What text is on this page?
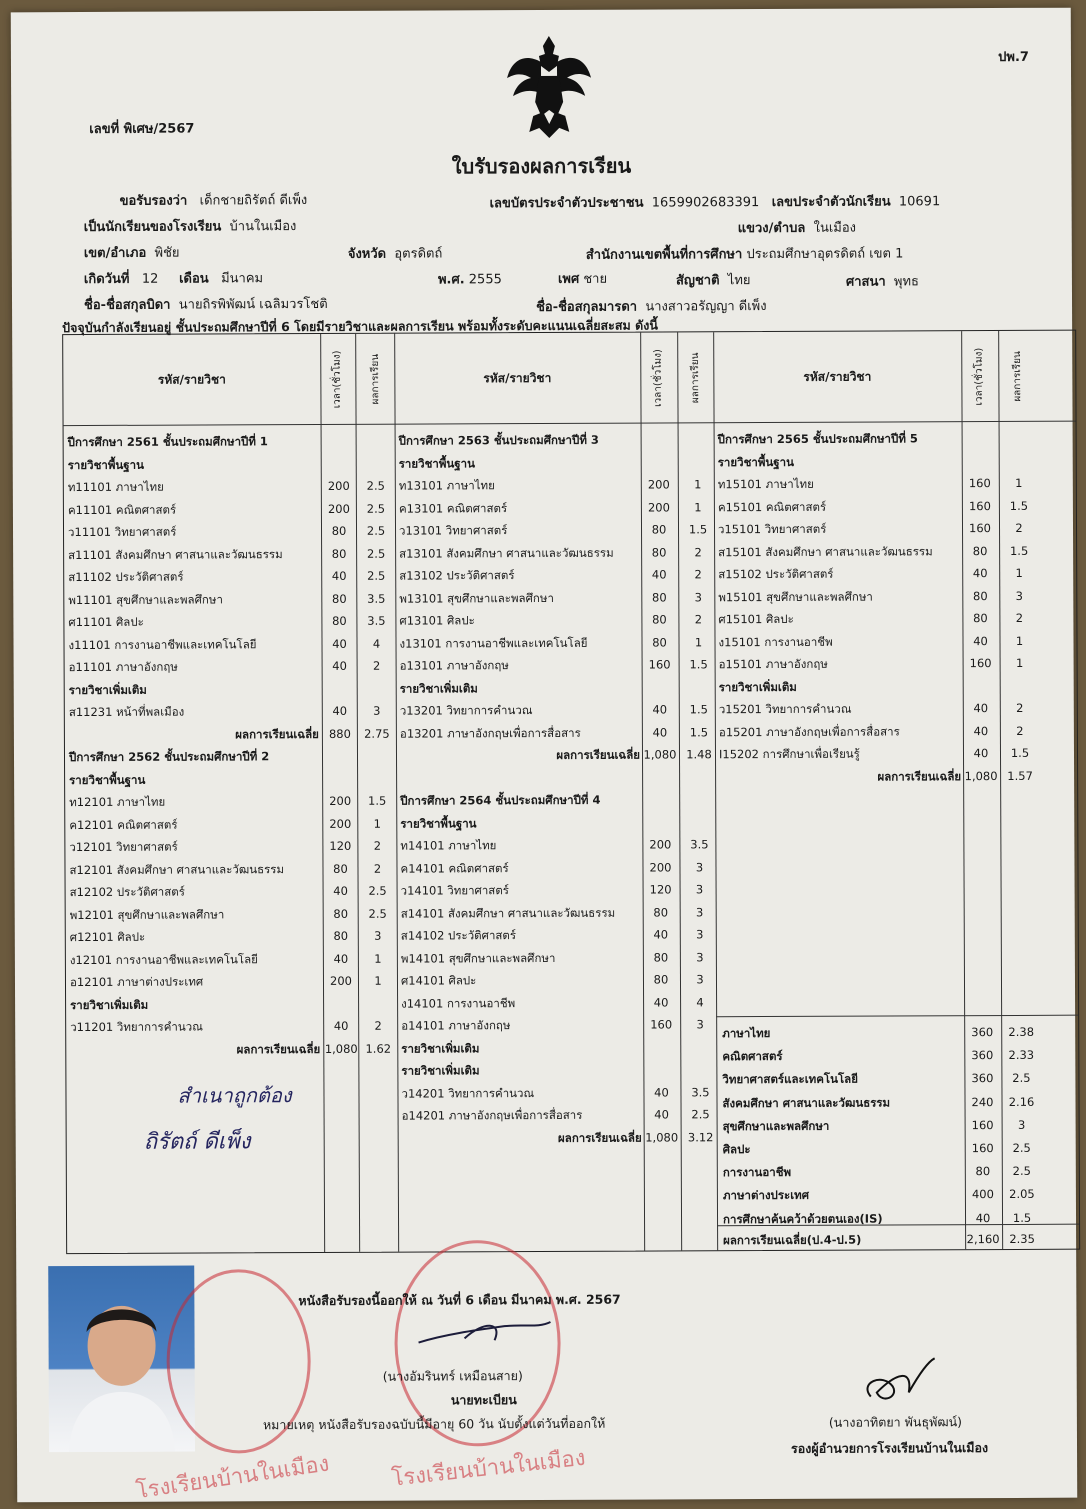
ปพ.7
เลขที่ พิเศษ/2567
ใบรับรองผลการเรียน
ขอรับรองว่า เด็กชายถิรัตถ์ ดีเพ็ง	เลขบัตรประจำตัวประชาชน 1659902683391 เลขประจำตัวนักเรียน 10691
เป็นนักเรียนของโรงเรียน บ้านในเมือง	แขวง/ตำบล ในเมือง
เขต/อำเภอ พิชัย	จังหวัด อุตรดิตถ์	สำนักงานเขตพื้นที่การศึกษา ประถมศึกษาอุตรดิตถ์ เขต 1
เกิดวันที่ 12 เดือน มีนาคม	พ.ศ. 2555	เพศ ชาย	สัญชาติ ไทย	ศาสนา พุทธ
ชื่อ-ชื่อสกุลบิดา นายถิรพิพัฒน์ เฉลิมวรโชติ	ชื่อ-ชื่อสกุลมารดา นางสาวอรัญญา ดีเพ็ง
ปัจจุบันกำลังเรียนอยู่ ชั้นประถมศึกษาปีที่ 6 โดยมีรายวิชาและผลการเรียน พร้อมทั้งระดับคะแนนเฉลี่ยสะสม ดังนี้
รหัส/รายวิชา	เวลา(ชั่วโมง)	ผลการเรียน	รหัส/รายวิชา	เวลา(ชั่วโมง)	ผลการเรียน	รหัส/รายวิชา	เวลา(ชั่วโมง)	ผลการเรียน
ปีการศึกษา 2561 ชั้นประถมศึกษาปีที่ 1
รายวิชาพื้นฐาน
ท11101 ภาษาไทย	200	2.5
ค11101 คณิตศาสตร์	200	2.5
ว11101 วิทยาศาสตร์	80	2.5
ส11101 สังคมศึกษา ศาสนาและวัฒนธรรม	80	2.5
ส11102 ประวัติศาสตร์	40	2.5
พ11101 สุขศึกษาและพลศึกษา	80	3.5
ศ11101 ศิลปะ	80	3.5
ง11101 การงานอาชีพและเทคโนโลยี	40	4
อ11101 ภาษาอังกฤษ	40	2
รายวิชาเพิ่มเติม
ส11231 หน้าที่พลเมือง	40	3
ผลการเรียนเฉลี่ย 880	2.75
ปีการศึกษา 2562 ชั้นประถมศึกษาปีที่ 2
รายวิชาพื้นฐาน
ท12101 ภาษาไทย	200	1.5
ค12101 คณิตศาสตร์	200	1
ว12101 วิทยาศาสตร์	120	2
ส12101 สังคมศึกษา ศาสนาและวัฒนธรรม	80	2
ส12102 ประวัติศาสตร์	40	2.5
พ12101 สุขศึกษาและพลศึกษา	80	2.5
ศ12101 ศิลปะ	80	3
ง12101 การงานอาชีพและเทคโนโลยี	40	1
อ12101 ภาษาต่างประเทศ	200	1
รายวิชาเพิ่มเติม
ว11201 วิทยาการคำนวณ	40	2
ผลการเรียนเฉลี่ย 1,080 1.62
ปีการศึกษา 2563 ชั้นประถมศึกษาปีที่ 3
รายวิชาพื้นฐาน
ท13101 ภาษาไทย	200	1
ค13101 คณิตศาสตร์	200	1
ว13101 วิทยาศาสตร์	80	1.5
ส13101 สังคมศึกษา ศาสนาและวัฒนธรรม	80	2
ส13102 ประวัติศาสตร์	40	2
พ13101 สุขศึกษาและพลศึกษา	80	3
ศ13101 ศิลปะ	80	2
ง13101 การงานอาชีพและเทคโนโลยี	80	1
อ13101 ภาษาอังกฤษ	160	1.5
รายวิชาเพิ่มเติม
ว13201 วิทยาการคำนวณ	40	1.5
อ13201 ภาษาอังกฤษเพื่อการสื่อสาร	40	1.5
ผลการเรียนเฉลี่ย 1,080 1.48
ปีการศึกษา 2564 ชั้นประถมศึกษาปีที่ 4
รายวิชาพื้นฐาน
ท14101 ภาษาไทย	200	3.5
ค14101 คณิตศาสตร์	200	3
ว14101 วิทยาศาสตร์	120	3
ส14101 สังคมศึกษา ศาสนาและวัฒนธรรม	80	3
ส14102 ประวัติศาสตร์	40	3
พ14101 สุขศึกษาและพลศึกษา	80	3
ศ14101 ศิลปะ	80	3
ง14101 การงานอาชีพ	40	4
อ14101 ภาษาอังกฤษ	160	3
รายวิชาเพิ่มเติม
รายวิชาเพิ่มเติม
ว14201 วิทยาการคำนวณ	40	3.5
อ14201 ภาษาอังกฤษเพื่อการสื่อสาร	40	2.5
ผลการเรียนเฉลี่ย 1,080 3.12
ปีการศึกษา 2565 ชั้นประถมศึกษาปีที่ 5
รายวิชาพื้นฐาน
ท15101 ภาษาไทย	160	1
ค15101 คณิตศาสตร์	160	1.5
ว15101 วิทยาศาสตร์	160	2
ส15101 สังคมศึกษา ศาสนาและวัฒนธรรม	80	1.5
ส15102 ประวัติศาสตร์	40	1
พ15101 สุขศึกษาและพลศึกษา	80	3
ศ15101 ศิลปะ	80	2
ง15101 การงานอาชีพ	40	1
อ15101 ภาษาอังกฤษ	160	1
รายวิชาเพิ่มเติม
ว15201 วิทยาการคำนวณ	40	2
อ15201 ภาษาอังกฤษเพื่อการสื่อสาร	40	2
I15202 การศึกษาเพื่อเรียนรู้	40	1.5
ผลการเรียนเฉลี่ย 1,080 1.57
ภาษาไทย	360	2.38
คณิตศาสตร์	360	2.33
วิทยาศาสตร์และเทคโนโลยี	360	2.5
สังคมศึกษา ศาสนาและวัฒนธรรม	240	2.16
สุขศึกษาและพลศึกษา	160	3
ศิลปะ	160	2.5
การงานอาชีพ	80	2.5
ภาษาต่างประเทศ	400	2.05
การศึกษาค้นคว้าด้วยตนเอง(IS)	40	1.5
ผลการเรียนเฉลี่ย(ป.4-ป.5)	2,160 2.35
สำเนาถูกต้อง
ถิรัตถ์ ดีเพ็ง
โรงเรียนบ้านในเมือง	โรงเรียนบ้านในเมือง
หนังสือรับรองนี้ออกให้ ณ วันที่ 6 เดือน มีนาคม พ.ศ. 2567
(นางอัมรินทร์ เหมือนสาย)
นายทะเบียน
หมายเหตุ หนังสือรับรองฉบับนี้มีอายุ 60 วัน นับตั้งแต่วันที่ออกให้	(นางอาทิตยา พันธุพัฒน์)
รองผู้อำนวยการโรงเรียนบ้านในเมือง
